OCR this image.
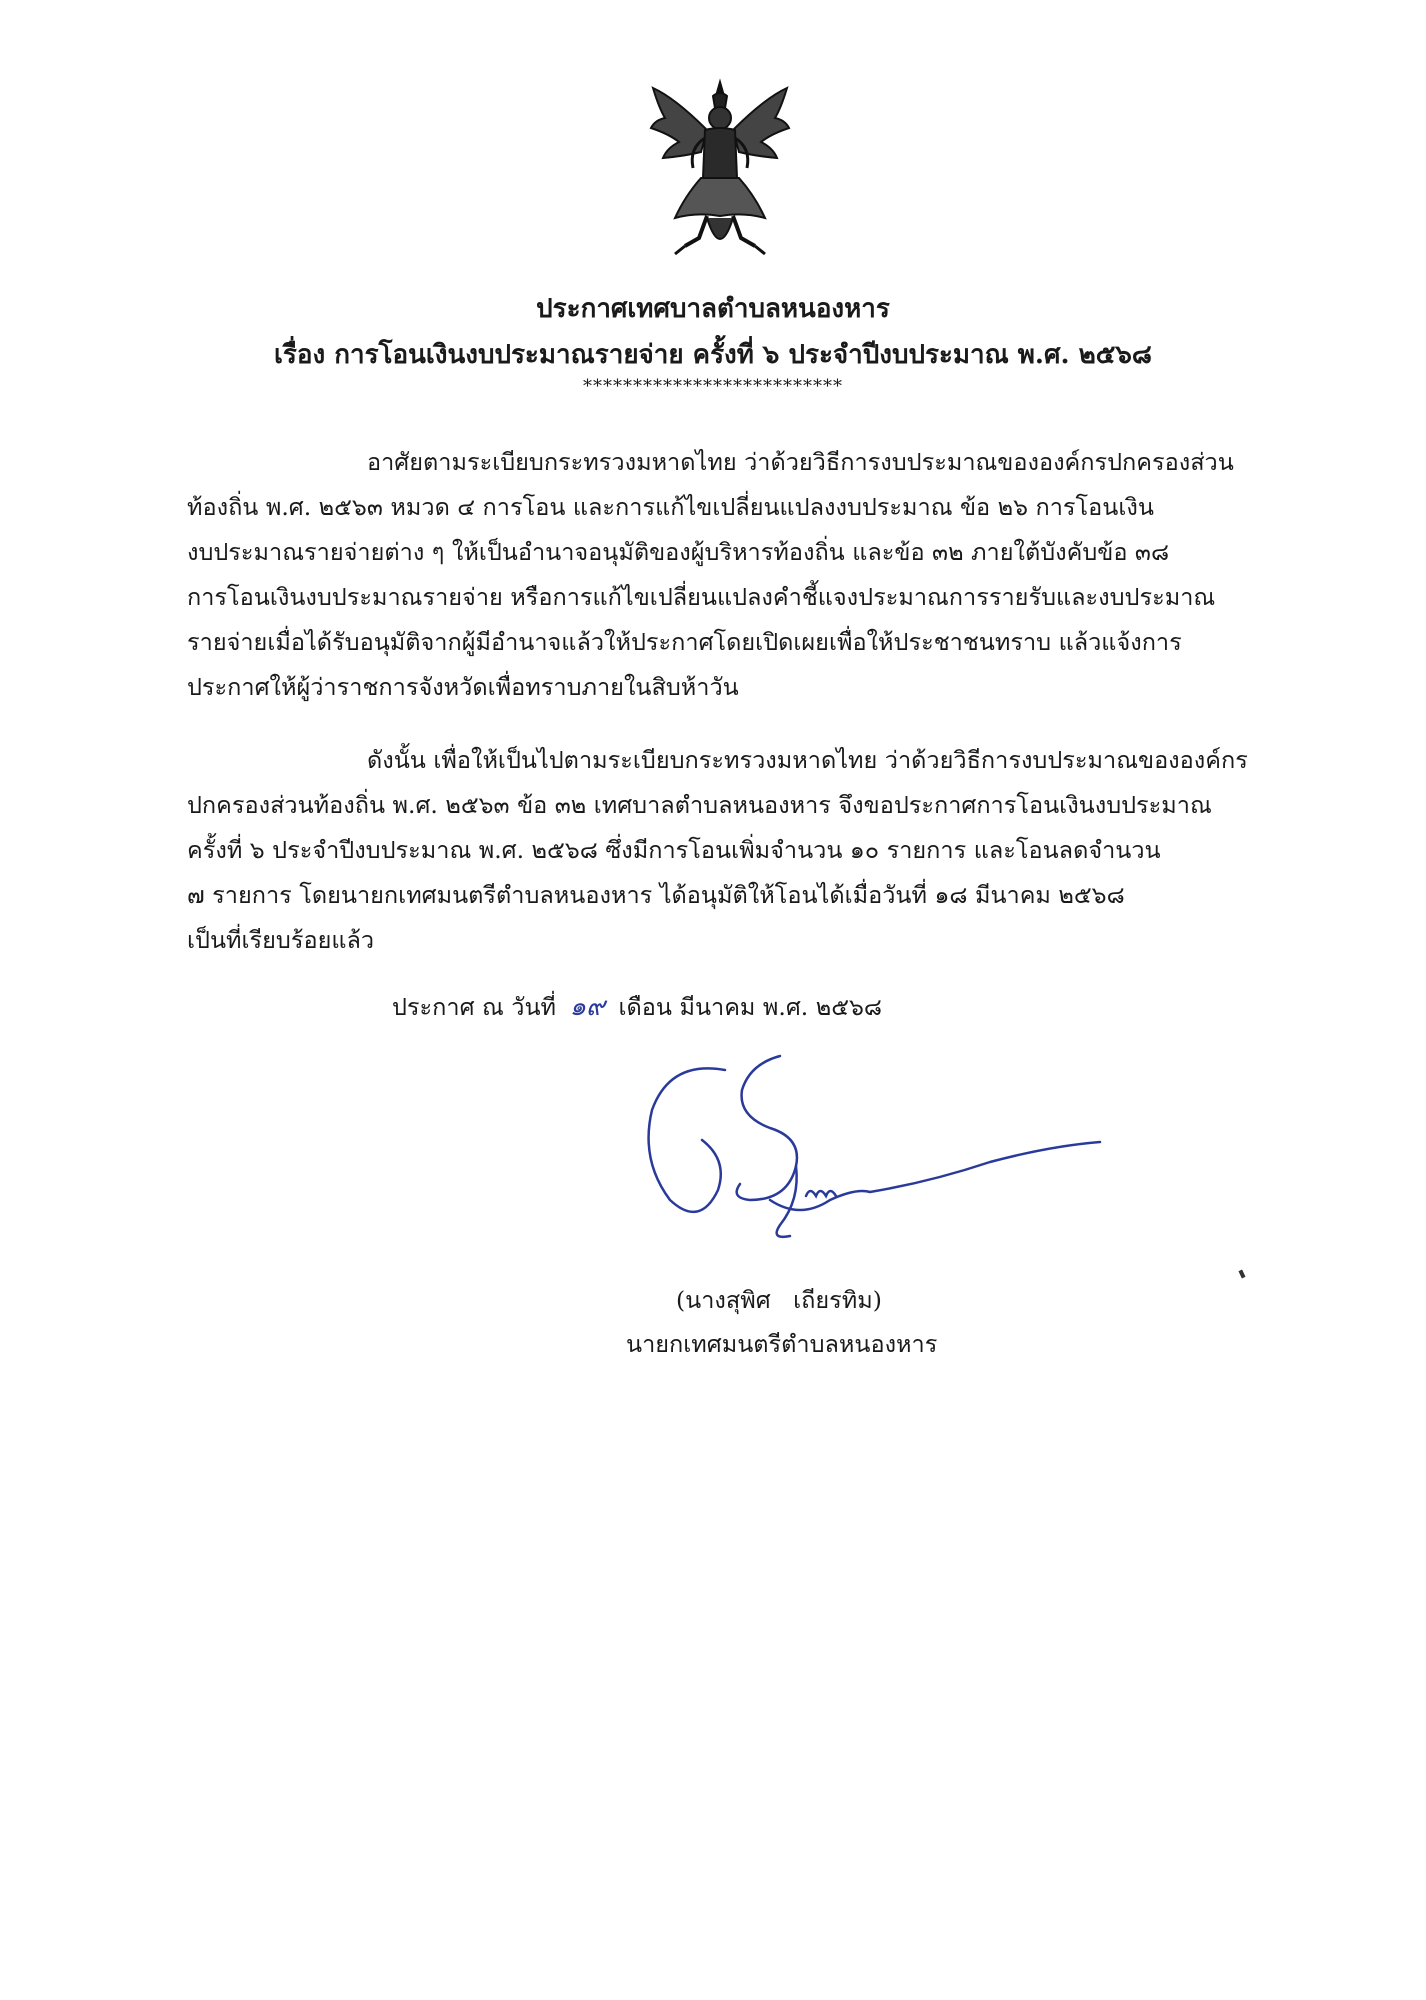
ประกาศเทศบาลตำบลหนองหาร
เรื่อง การโอนเงินงบประมาณรายจ่าย ครั้งที่ ๖ ประจำปีงบประมาณ พ.ศ. ๒๕๖๘
**************************
อาศัยตามระเบียบกระทรวงมหาดไทย ว่าด้วยวิธีการงบประมาณขององค์กรปกครองส่วน
ท้องถิ่น พ.ศ. ๒๕๖๓ หมวด ๔ การโอน และการแก้ไขเปลี่ยนแปลงงบประมาณ ข้อ ๒๖ การโอนเงิน
งบประมาณรายจ่ายต่าง ๆ ให้เป็นอำนาจอนุมัติของผู้บริหารท้องถิ่น และข้อ ๓๒ ภายใต้บังคับข้อ ๓๘
การโอนเงินงบประมาณรายจ่าย หรือการแก้ไขเปลี่ยนแปลงคำชี้แจงประมาณการรายรับและงบประมาณ
รายจ่ายเมื่อได้รับอนุมัติจากผู้มีอำนาจแล้วให้ประกาศโดยเปิดเผยเพื่อให้ประชาชนทราบ แล้วแจ้งการ
ประกาศให้ผู้ว่าราชการจังหวัดเพื่อทราบภายในสิบห้าวัน
ดังนั้น เพื่อให้เป็นไปตามระเบียบกระทรวงมหาดไทย ว่าด้วยวิธีการงบประมาณขององค์กร
ปกครองส่วนท้องถิ่น พ.ศ. ๒๕๖๓ ข้อ ๓๒ เทศบาลตำบลหนองหาร จึงขอประกาศการโอนเงินงบประมาณ
ครั้งที่ ๖ ประจำปีงบประมาณ พ.ศ. ๒๕๖๘ ซึ่งมีการโอนเพิ่มจำนวน ๑๐ รายการ และโอนลดจำนวน
๗ รายการ โดยนายกเทศมนตรีตำบลหนองหาร ได้อนุมัติให้โอนได้เมื่อวันที่ ๑๘ มีนาคม ๒๕๖๘
เป็นที่เรียบร้อยแล้ว
ประกาศ ณ วันที่ ๑๙ เดือน มีนาคม พ.ศ. ๒๕๖๘
(นางสุพิศ   เถียรทิม)
นายกเทศมนตรีตำบลหนองหาร
